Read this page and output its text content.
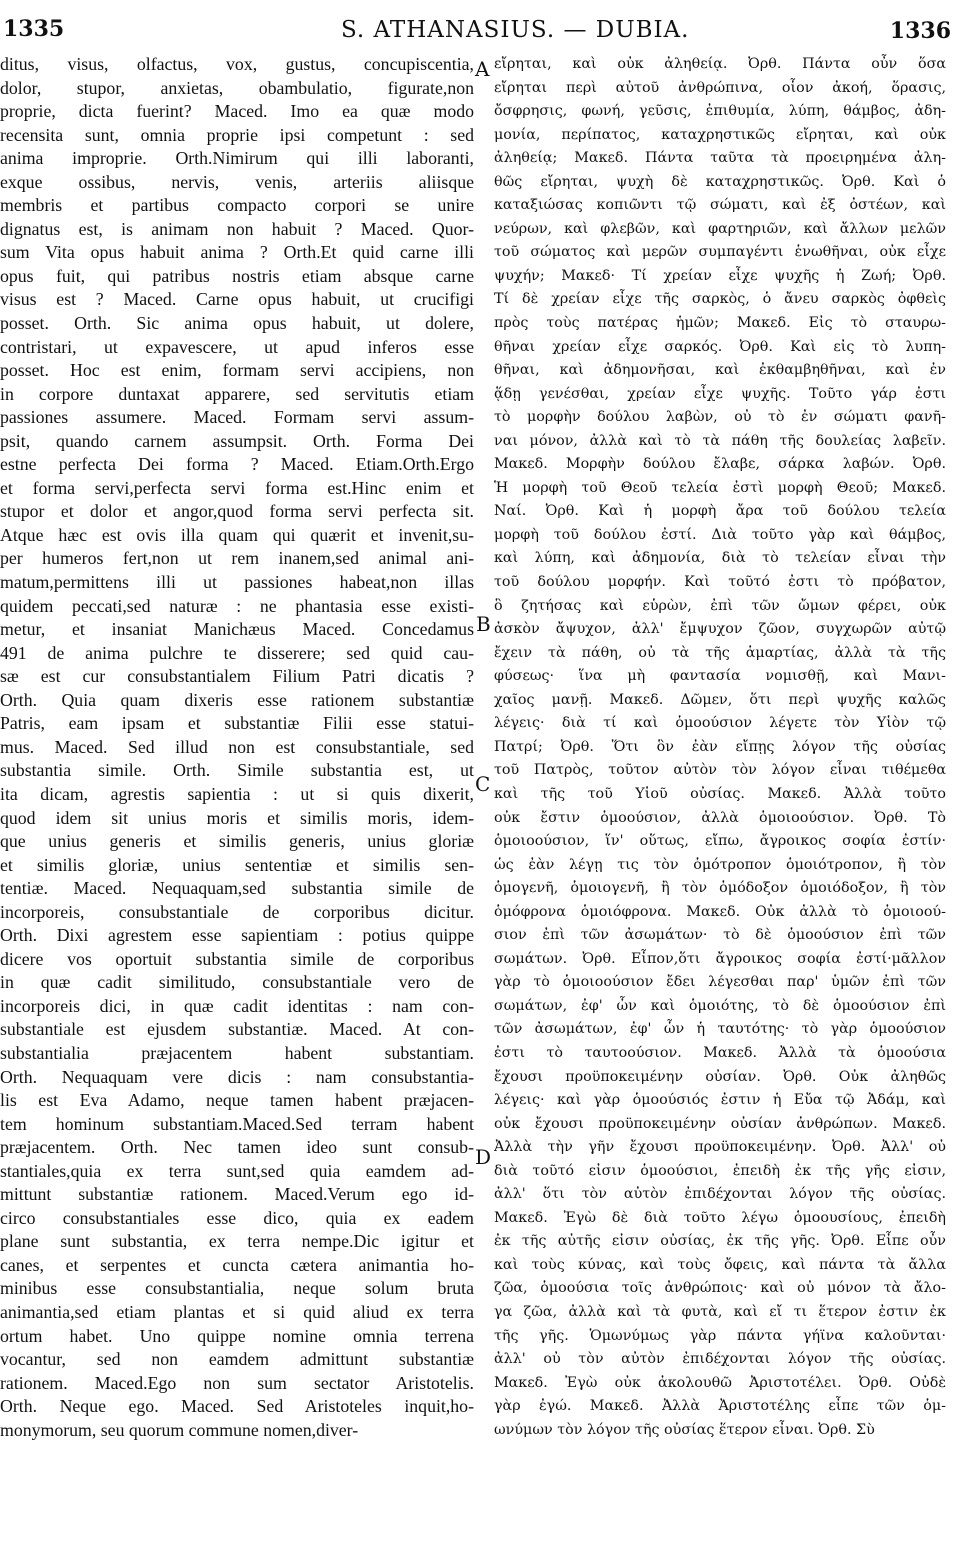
1335	S. ATHANASIUS. — DUBIA.	1336
ditus, visus, olfactus, vox, gustus, concupiscentia,
dolor, stupor, anxietas, obambulatio, figurate,non
proprie, dicta fuerint? Maced. Imo ea quæ modo
recensita sunt, omnia proprie ipsi competunt : sed
anima improprie. Orth.Nimirum qui illi laboranti,
exque ossibus, nervis, venis, arteriis aliisque
membris et partibus compacto corpori se unire
dignatus est, is animam non habuit ? Maced. Quor-
sum Vita opus habuit anima ? Orth.Et quid carne illi
opus fuit, qui patribus nostris etiam absque carne
visus est ? Maced. Carne opus habuit, ut crucifigi
posset. Orth. Sic anima opus habuit, ut dolere,
contristari, ut expavescere, ut apud inferos esse
posset. Hoc est enim, formam servi accipiens, non
in corpore duntaxat apparere, sed servitutis etiam
passiones assumere. Maced. Formam servi assum-
psit, quando carnem assumpsit. Orth. Forma Dei
estne perfecta Dei forma ? Maced. Etiam.Orth.Ergo
et forma servi,perfecta servi forma est.Hinc enim et
stupor et dolor et angor,quod forma servi perfecta sit.
Atque hæc est ovis illa quam qui quærit et invenit,su-
per humeros fert,non ut rem inanem,sed animal ani-
matum,permittens illi ut passiones habeat,non illas
quidem peccati,sed naturæ : ne phantasia esse existi-
metur, et insaniat Manichæus Maced. Concedamus
491 de anima pulchre te disserere; sed quid cau-
sæ est cur consubstantialem Filium Patri dicatis ?
Orth. Quia quam dixeris esse rationem substantiæ
Patris, eam ipsam et substantiæ Filii esse statui-
mus. Maced. Sed illud non est consubstantiale, sed
substantia simile. Orth. Simile substantia est, ut
ita dicam, agrestis sapientia : ut si quis dixerit,
quod idem sit unius moris et similis moris, idem-
que unius generis et similis generis, unius gloriæ
et similis gloriæ, unius sententiæ et similis sen-
tentiæ. Maced. Nequaquam,sed substantia simile de
incorporeis, consubstantiale de corporibus dicitur.
Orth. Dixi agrestem esse sapientiam : potius quippe
dicere vos oportuit substantia simile de corporibus
in quæ cadit similitudo, consubstantiale vero de
incorporeis dici, in quæ cadit identitas : nam con-
substantiale est ejusdem substantiæ. Maced. At con-
substantialia præjacentem habent substantiam.
Orth. Nequaquam vere dicis : nam consubstantia-
lis est Eva Adamo, neque tamen habent præjacen-
tem hominum substantiam.Maced.Sed terram habent
præjacentem. Orth. Nec tamen ideo sunt consub-
stantiales,quia ex terra sunt,sed quia eamdem ad-
mittunt substantiæ rationem. Maced.Verum ego id-
circo consubstantiales esse dico, quia ex eadem
plane sunt substantia, ex terra nempe.Dic igitur et
canes, et serpentes et cuncta cætera animantia ho-
minibus esse consubstantialia, neque solum bruta
animantia,sed etiam plantas et si quid aliud ex terra
ortum habet. Uno quippe nomine omnia terrena
vocantur, sed non eamdem admittunt substantiæ
rationem. Maced.Ego non sum sectator Aristotelis.
Orth. Neque ego. Maced. Sed Aristoteles inquit,ho-
monymorum, seu quorum commune nomen,diver-
εἴρηται, καὶ οὐκ ἀληθείᾳ. Ὀρθ. Πάντα οὖν ὅσα
εἴρηται περὶ αὐτοῦ ἀνθρώπινα, οἷον ἀκοή, ὅρασις,
ὄσφρησις, φωνή, γεῦσις, ἐπιθυμία, λύπη, θάμβος, ἀδη-
μονία, περίπατος, καταχρηστικῶς εἴρηται, καὶ οὐκ
ἀληθείᾳ; Μακεδ. Πάντα ταῦτα τὰ προειρημένα ἀλη-
θῶς εἴρηται, ψυχὴ δὲ καταχρηστικῶς. Ὀρθ. Καὶ ὁ
καταξιώσας κοπιῶντι τῷ σώματι, καὶ ἐξ ὀστέων, καὶ
νεύρων, καὶ φλεβῶν, καὶ φαρτηριῶν, καὶ ἄλλων μελῶν
τοῦ σώματος καὶ μερῶν συμπαγέντι ἑνωθῆναι, οὐκ εἶχε
ψυχήν; Μακεδ· Τί χρείαν εἶχε ψυχῆς ἡ Ζωή; Ὀρθ.
Τί δὲ χρείαν εἶχε τῆς σαρκὸς, ὁ ἄνευ σαρκὸς ὀφθεὶς
πρὸς τοὺς πατέρας ἡμῶν; Μακεδ. Εἰς τὸ σταυρω-
θῆναι χρείαν εἶχε σαρκός. Ὀρθ. Καὶ εἰς τὸ λυπη-
θῆναι, καὶ ἀδημονῆσαι, καὶ ἐκθαμβηθῆναι, καὶ ἐν
ᾅδῃ γενέσθαι, χρείαν εἶχε ψυχῆς. Τοῦτο γάρ ἐστι
τὸ μορφὴν δούλου λαβὼν, οὐ τὸ ἐν σώματι φανῆ-
ναι μόνον, ἀλλὰ καὶ τὸ τὰ πάθη τῆς δουλείας λαβεῖν.
Μακεδ. Μορφὴν δούλου ἔλαβε, σάρκα λαβών. Ὀρθ.
Ἡ μορφὴ τοῦ Θεοῦ τελεία ἐστὶ μορφὴ Θεοῦ; Μακεδ.
Ναί. Ὀρθ. Καὶ ἡ μορφὴ ἄρα τοῦ δούλου τελεία
μορφὴ τοῦ δούλου ἐστί. Διὰ τοῦτο γὰρ καὶ θάμβος,
καὶ λύπη, καὶ ἀδημονία, διὰ τὸ τελείαν εἶναι τὴν
τοῦ δούλου μορφήν. Καὶ τοῦτό ἐστι τὸ πρόβατον,
ὃ ζητήσας καὶ εὑρὼν, ἐπὶ τῶν ὤμων φέρει, οὐκ
ἀσκὸν ἄψυχον, ἀλλ' ἔμψυχον ζῶον, συγχωρῶν αὐτῷ
ἔχειν τὰ πάθη, οὐ τὰ τῆς ἁμαρτίας, ἀλλὰ τὰ τῆς
φύσεως· ἵνα μὴ φαντασία νομισθῇ, καὶ Μανι-
χαῖος μανῇ. Μακεδ. Δῶμεν, ὅτι περὶ ψυχῆς καλῶς
λέγεις· διὰ τί καὶ ὁμοούσιον λέγετε τὸν Υἱὸν τῷ
Πατρί; Ὀρθ. Ὅτι ὃν ἐὰν εἴπῃς λόγον τῆς οὐσίας
τοῦ Πατρὸς, τοῦτον αὐτὸν τὸν λόγον εἶναι τιθέμεθα
καὶ τῆς τοῦ Υἱοῦ οὐσίας. Μακεδ. Ἀλλὰ τοῦτο
οὐκ ἔστιν ὁμοούσιον, ἀλλὰ ὁμοιοούσιον. Ὀρθ. Τὸ
ὁμοιοούσιον, ἵν' οὕτως, εἴπω, ἄγροικος σοφία ἐστίν·
ὡς ἐὰν λέγῃ τις τὸν ὁμότροπον ὁμοιότροπον, ἢ τὸν
ὁμογενῆ, ὁμοιογενῆ, ἢ τὸν ὁμόδοξον ὁμοιόδοξον, ἢ τὸν
ὁμόφρονα ὁμοιόφρονα. Μακεδ. Οὐκ ἀλλὰ τὸ ὁμοιοού-
σιον ἐπὶ τῶν ἀσωμάτων· τὸ δὲ ὁμοούσιον ἐπὶ τῶν
σωμάτων. Ὀρθ. Εἶπον,ὅτι ἄγροικος σοφία ἐστί·μᾶλλον
γὰρ τὸ ὁμοιοούσιον ἔδει λέγεσθαι παρ' ὑμῶν ἐπὶ τῶν
σωμάτων, ἐφ' ὧν καὶ ὁμοιότης, τὸ δὲ ὁμοούσιον ἐπὶ
τῶν ἀσωμάτων, ἐφ' ὧν ἡ ταυτότης· τὸ γὰρ ὁμοούσιον
ἐστι τὸ ταυτοούσιον. Μακεδ. Ἀλλὰ τὰ ὁμοούσια
ἔχουσι προϋποκειμένην οὐσίαν. Ὀρθ. Οὐκ ἀληθῶς
λέγεις· καὶ γὰρ ὁμοούσιός ἐστιν ἡ Εὔα τῷ Ἀδάμ, καὶ
οὐκ ἔχουσι προϋποκειμένην οὐσίαν ἀνθρώπων. Μακεδ.
Ἀλλὰ τὴν γῆν ἔχουσι προϋποκειμένην. Ὀρθ. Ἀλλ' οὐ
διὰ τοῦτό εἰσιν ὁμοούσιοι, ἐπειδὴ ἐκ τῆς γῆς εἰσιν,
ἀλλ' ὅτι τὸν αὐτὸν ἐπιδέχονται λόγον τῆς οὐσίας.
Μακεδ. Ἐγὼ δὲ διὰ τοῦτο λέγω ὁμοουσίους, ἐπειδὴ
ἐκ τῆς αὐτῆς εἰσιν οὐσίας, ἐκ τῆς γῆς. Ὀρθ. Εἶπε οὖν
καὶ τοὺς κύνας, καὶ τοὺς ὄφεις, καὶ πάντα τὰ ἄλλα
ζῶα, ὁμοούσια τοῖς ἀνθρώποις· καὶ οὐ μόνον τὰ ἄλο-
γα ζῶα, ἀλλὰ καὶ τὰ φυτὰ, καὶ εἴ τι ἕτερον ἐστιν ἐκ
τῆς γῆς. Ὁμωνύμως γὰρ πάντα γήϊνα καλοῦνται·
ἀλλ' οὐ τὸν αὐτὸν ἐπιδέχονται λόγον τῆς οὐσίας.
Μακεδ. Ἐγὼ οὐκ ἀκολουθῶ Ἀριστοτέλει. Ὀρθ. Οὐδὲ
γὰρ ἐγώ. Μακεδ. Ἀλλὰ Ἀριστοτέλης εἶπε τῶν ὁμ-
ωνύμων τὸν λόγον τῆς οὐσίας ἕτερον εἶναι. Ὀρθ. Σὺ
A
B
C
D
